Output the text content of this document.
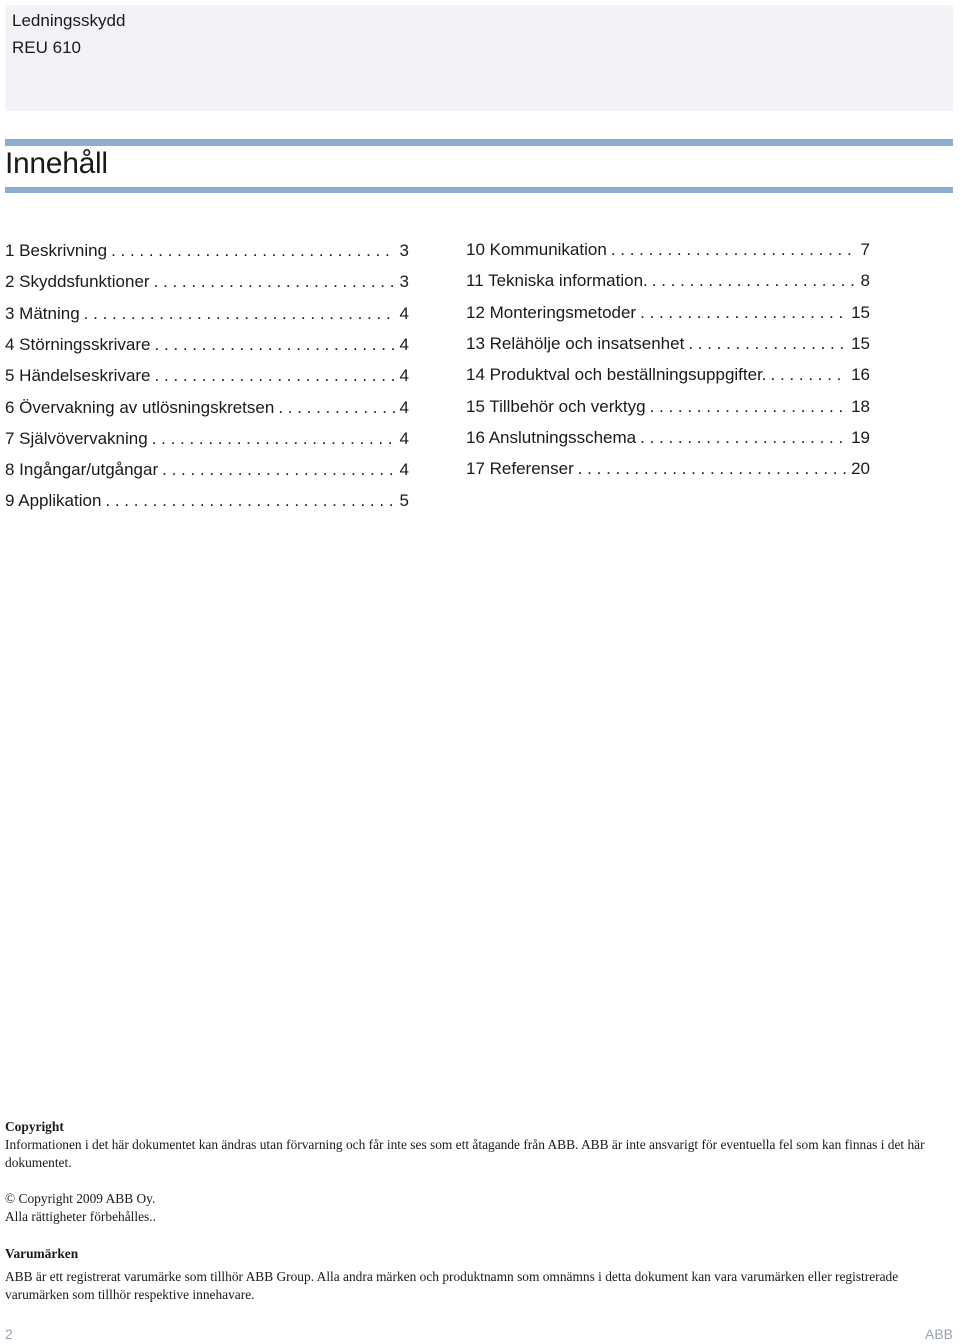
Ledningsskydd
REU 610
Innehåll
1 Beskrivning . . .	3
2 Skyddsfunktioner . . .	3
3 Mätning . . .	4
4 Störningsskrivare . . .	4
5 Händelseskrivare . . .	4
6 Övervakning av utlösningskretsen . . .	4
7 Självövervakning . . .	4
8 Ingångar/utgångar . . .	4
9 Applikation . . .	5
10 Kommunikation . . .	7
11 Tekniska information. . . .	8
12 Monteringsmetoder . . .	15
13 Relähölje och insatsenhet . . .	15
14 Produktval och beställningsuppgifter. . . .	16
15 Tillbehör och verktyg . . .	18
16 Anslutningsschema . . .	19
17 Referenser . . .	20
Copyright
Informationen i det här dokumentet kan ändras utan förvarning och får inte ses som ett åtagande från ABB. ABB är inte ansvarigt för eventuella fel som kan finnas i det här dokumentet.
© Copyright 2009 ABB Oy.
Alla rättigheter förbehålles..
Varumärken
ABB är ett registrerat varumärke som tillhör ABB Group. Alla andra märken och produktnamn som omnämns i detta dokument kan vara varumärken eller registrerade varumärken som tillhör respektive innehavare.
2	ABB
